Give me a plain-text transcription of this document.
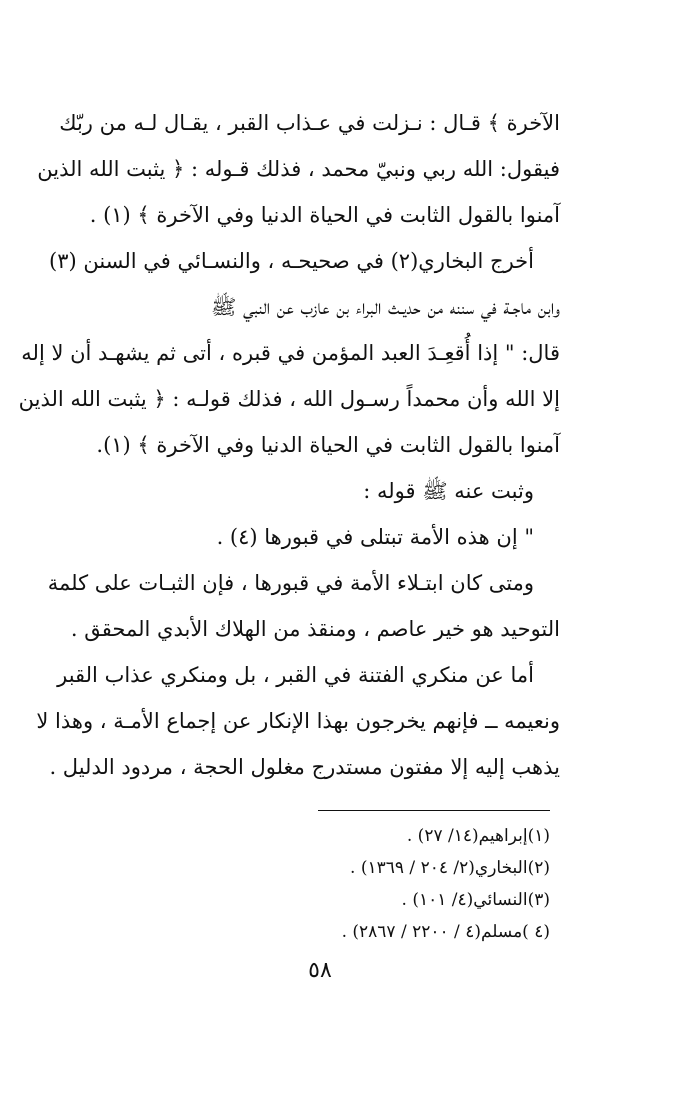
الآخرة ﴾ قـال : نـزلت في عـذاب القبر ، يقـال لـه من ربّك
فيقول: الله ربي ونبيّ محمد ، فذلك قـوله : ﴿ يثبت الله الذين
آمنوا بالقول الثابت في الحياة الدنيا وفي الآخرة ﴾ (١) .
أخرج البخاري(٢) في صحيحـه ، والنسـائي في السنن (٣)
وابن ماجـة في سننه من حديـث البراء بن عازب عن النبي ﷺ
قال: " إذا أُقعِـدَ العبد المؤمن في قبره ، أتى ثم يشهـد أن لا إله
إلا الله وأن محمداً رسـول الله ، فذلك قولـه : ﴿ يثبت الله الذين
آمنوا بالقول الثابت في الحياة الدنيا وفي الآخرة ﴾ (١).
وثبت عنه ﷺ قوله :
" إن هذه الأمة تبتلى في قبورها (٤) .
ومتى كان ابتـلاء الأمة في قبورها ، فإن الثبـات على كلمة
التوحيد هو خير عاصم ، ومنقذ من الهلاك الأبدي المحقق .
أما عن منكري الفتنة في القبر ، بل ومنكري عذاب القبر
ونعيمه ــ فإنهم يخرجون بهذا الإنكار عن إجماع الأمـة ، وهذا لا
يذهب إليه إلا مفتون مستدرج مغلول الحجة ، مردود الدليل .
(١)إبراهيم(١٤/ ٢٧) .
(٢)البخاري(٢/ ٢٠٤ / ١٣٦٩) .
(٣)النسائي(٤/ ١٠١) .
(٤ )مسلم(٤ / ٢٢٠٠ / ٢٨٦٧) .
٥٨
